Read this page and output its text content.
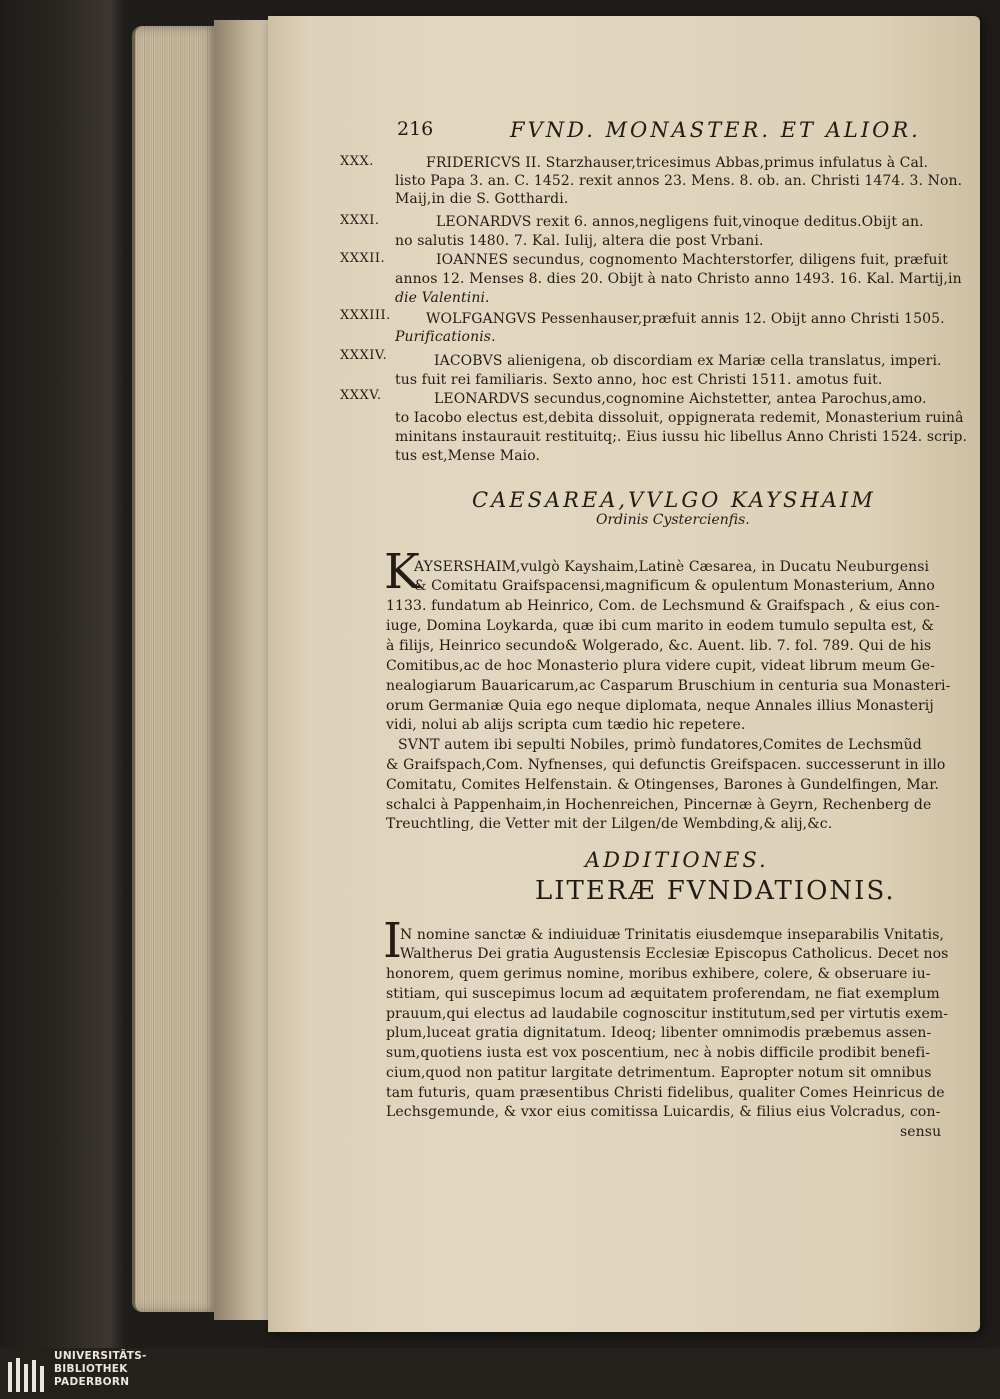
216	FVND. MONASTER. ET ALIOR.
XXX.	FRIDERICVS II. Starzhauser,tricesimus Abbas,primus infulatus à Cal.
listo Papa 3. an. C. 1452. rexit annos 23. Mens. 8. ob. an. Christi 1474. 3. Non.
Maij,in die S. Gotthardi.
XXXI.	LEONARDVS rexit 6. annos,negligens fuit,vinoque deditus.Obijt an.
no salutis 1480. 7. Kal. Iulij, altera die post Vrbani.
XXXII.	IOANNES secundus, cognomento Machterstorfer, diligens fuit, præfuit
annos 12. Menses 8. dies 20. Obijt à nato Christo anno 1493. 16. Kal. Martij,in
die Valentini.
XXXIII.	WOLFGANGVS Pessenhauser,præfuit annis 12. Obijt anno Christi 1505.
Purificationis.
XXXIV.	IACOBVS alienigena, ob discordiam ex Mariæ cella translatus, imperi.
tus fuit rei familiaris. Sexto anno, hoc est Christi 1511. amotus fuit.
XXXV.	LEONARDVS secundus,cognomine Aichstetter, antea Parochus,amo.
to Iacobo electus est,debita dissoluit, oppignerata redemit, Monasterium ruinâ
minitans instaurauit restituitq;. Eius iussu hic libellus Anno Christi 1524. scrip.
tus est,Mense Maio.
CAESAREA,VVLGO KAYSHAIM
Ordinis Cystercienfis.
K
AYSERSHAIM,vulgò Kayshaim,Latinè Cæsarea, in Ducatu Neuburgensi
& Comitatu Graifspacensi,magnificum & opulentum Monasterium, Anno
1133. fundatum ab Heinrico, Com. de Lechsmund & Graifspach , & eius con-
iuge, Domina Loykarda, quæ ibi cum marito in eodem tumulo sepulta est, &
à filijs, Heinrico secundo& Wolgerado, &c. Auent. lib. 7. fol. 789. Qui de his
Comitibus,ac de hoc Monasterio plura videre cupit, videat librum meum Ge-
nealogiarum Bauaricarum,ac Casparum Bruschium in centuria sua Monasteri-
orum Germaniæ Quia ego neque diplomata, neque Annales illius Monasterij
vidi, nolui ab alijs scripta cum tædio hic repetere.
SVNT autem ibi sepulti Nobiles, primò fundatores,Comites de Lechsmũd
& Graifspach,Com. Nyfnenses, qui defunctis Greifspacen. successerunt in illo
Comitatu, Comites Helfenstain. & Otingenses, Barones à Gundelfingen, Mar.
schalci à Pappenhaim,in Hochenreichen, Pincernæ à Geyrn, Rechenberg de
Treuchtling, die Vetter mit der Lilgen/de Wembding,& alij,&c.
ADDITIONES.
LITERÆ FVNDATIONIS.
I
N nomine sanctæ & indiuiduæ Trinitatis eiusdemque inseparabilis Vnitatis,
Waltherus Dei gratia Augustensis Ecclesiæ Episcopus Catholicus. Decet nos
honorem, quem gerimus nomine, moribus exhibere, colere, & obseruare iu-
stitiam, qui suscepimus locum ad æquitatem proferendam, ne fiat exemplum
prauum,qui electus ad laudabile cognoscitur institutum,sed per virtutis exem-
plum,luceat gratia dignitatum. Ideoq; libenter omnimodis præbemus assen-
sum,quotiens iusta est vox poscentium, nec à nobis difficile prodibit benefi-
cium,quod non patitur largitate detrimentum. Eapropter notum sit omnibus
tam futuris, quam præsentibus Christi fidelibus, qualiter Comes Heinricus de
Lechsgemunde, & vxor eius comitissa Luicardis, & filius eius Volcradus, con-
sensu
UNIVERSITÄTS-
BIBLIOTHEK
PADERBORN
